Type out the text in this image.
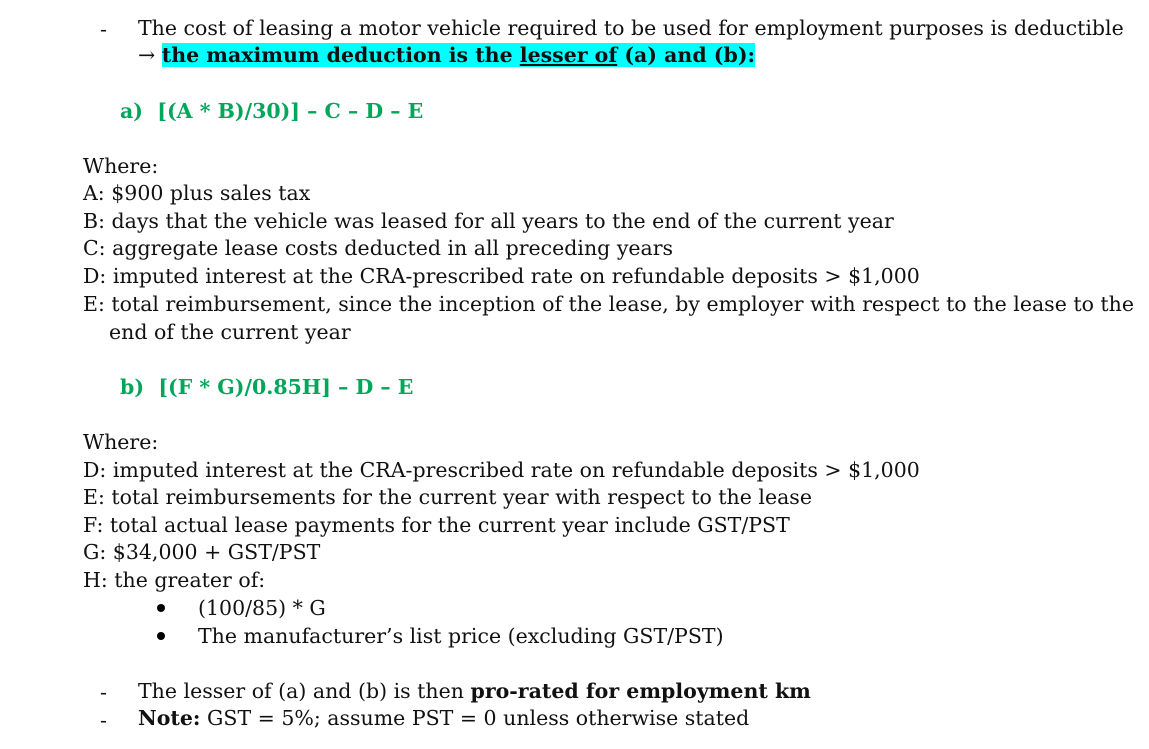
- The cost of leasing a motor vehicle required to be used for employment purposes is deductible
→ the maximum deduction is the lesser of (a) and (b):
a) [(A * B)/30)] – C – D – E
Where:
A: $900 plus sales tax
B: days that the vehicle was leased for all years to the end of the current year
C: aggregate lease costs deducted in all preceding years
D: imputed interest at the CRA-prescribed rate on refundable deposits > $1,000
E: total reimbursement, since the inception of the lease, by employer with respect to the lease to the
end of the current year
b) [(F * G)/0.85H] – D – E
Where:
D: imputed interest at the CRA-prescribed rate on refundable deposits > $1,000
E: total reimbursements for the current year with respect to the lease
F: total actual lease payments for the current year include GST/PST
G: $34,000 + GST/PST
H: the greater of:
(100/85) * G
The manufacturer’s list price (excluding GST/PST)
- The lesser of (a) and (b) is then pro-rated for employment km
- Note: GST = 5%; assume PST = 0 unless otherwise stated
